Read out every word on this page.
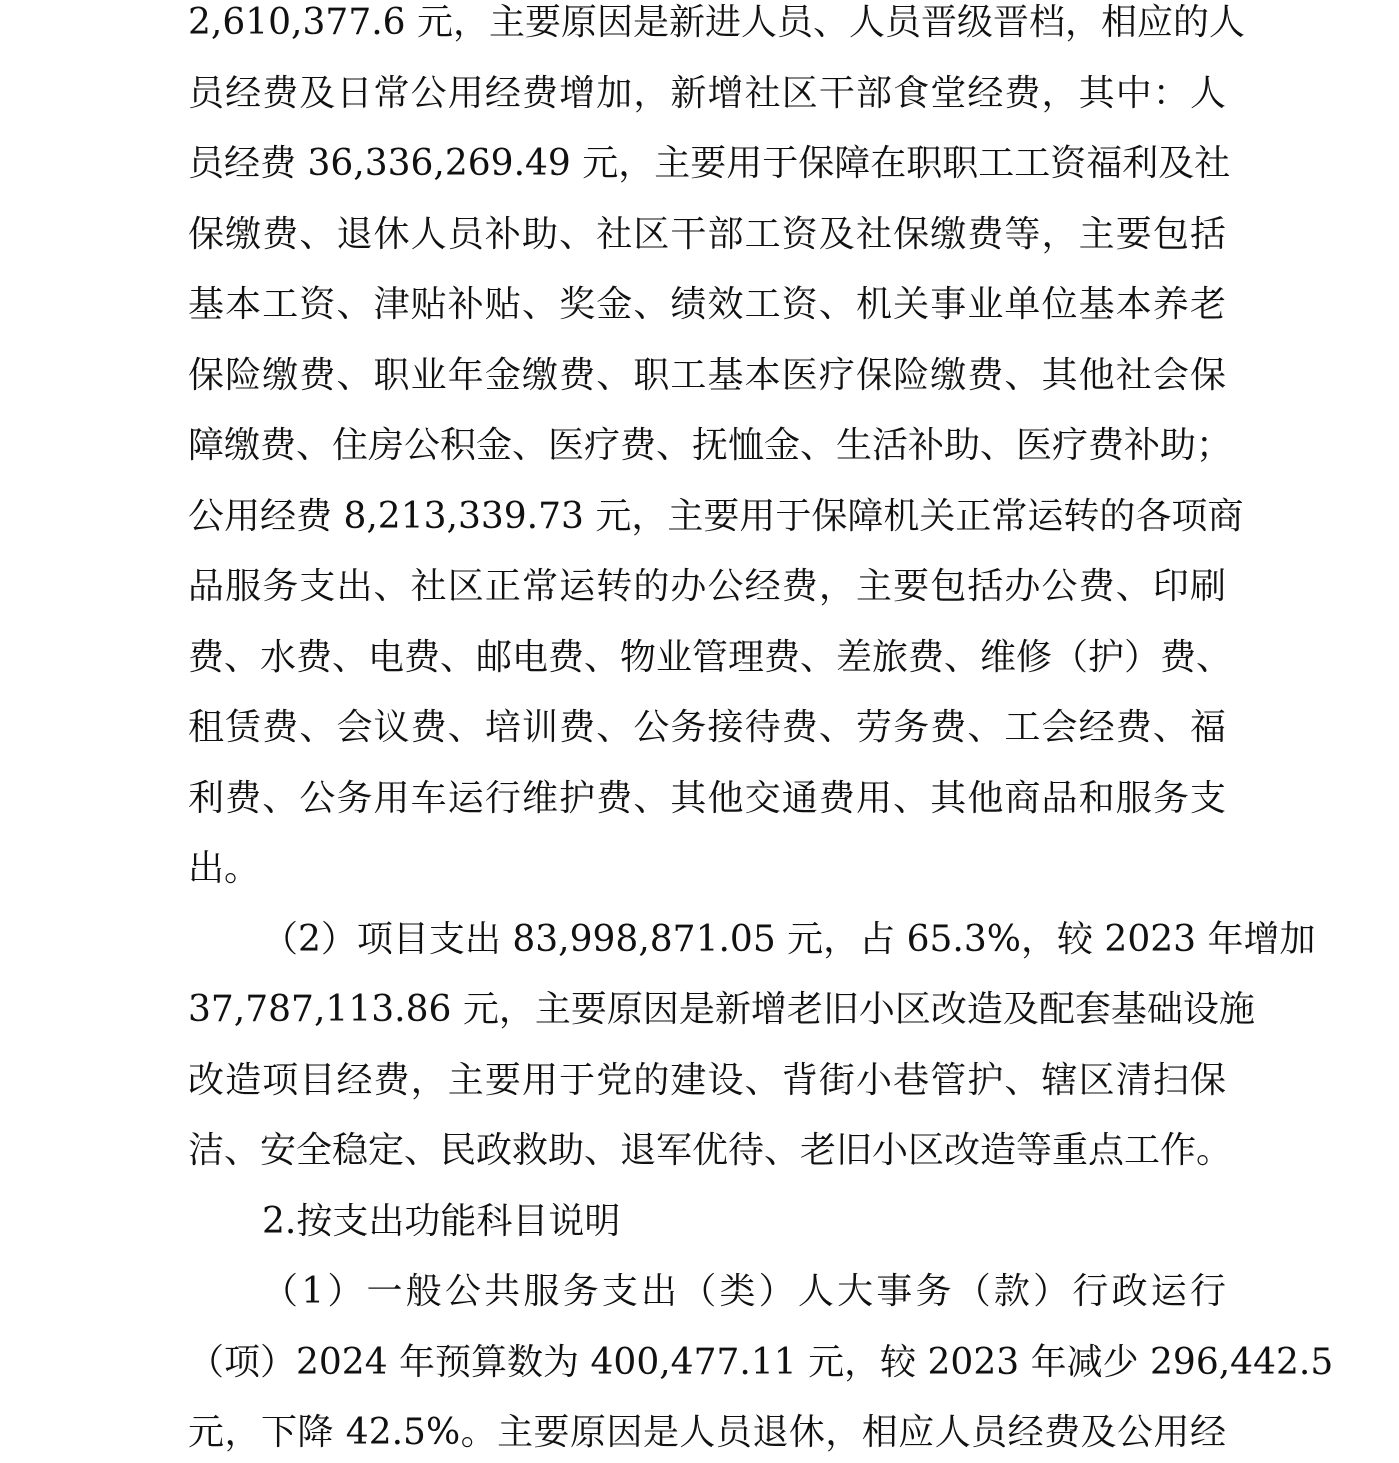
2,610,377.6 元，主要原因是新进人员、人员晋级晋档，相应的人
员经费及日常公用经费增加，新增社区干部食堂经费，其中：人
员经费 36,336,269.49 元，主要用于保障在职职工工资福利及社
保缴费、退休人员补助、社区干部工资及社保缴费等，主要包括
基本工资、津贴补贴、奖金、绩效工资、机关事业单位基本养老
保险缴费、职业年金缴费、职工基本医疗保险缴费、其他社会保
障缴费、住房公积金、医疗费、抚恤金、生活补助、医疗费补助；
公用经费 8,213,339.73 元，主要用于保障机关正常运转的各项商
品服务支出、社区正常运转的办公经费，主要包括办公费、印刷
费、水费、电费、邮电费、物业管理费、差旅费、维修（护）费、
租赁费、会议费、培训费、公务接待费、劳务费、工会经费、福
利费、公务用车运行维护费、其他交通费用、其他商品和服务支
出。
（2）项目支出 83,998,871.05 元，占 65.3%，较 2023 年增加
37,787,113.86 元，主要原因是新增老旧小区改造及配套基础设施
改造项目经费，主要用于党的建设、背街小巷管护、辖区清扫保
洁、安全稳定、民政救助、退军优待、老旧小区改造等重点工作。
2.按支出功能科目说明
（1）一般公共服务支出（类）人大事务（款）行政运行
（项）2024 年预算数为 400,477.11 元，较 2023 年减少 296,442.5
元，下降 42.5%。主要原因是人员退休，相应人员经费及公用经
